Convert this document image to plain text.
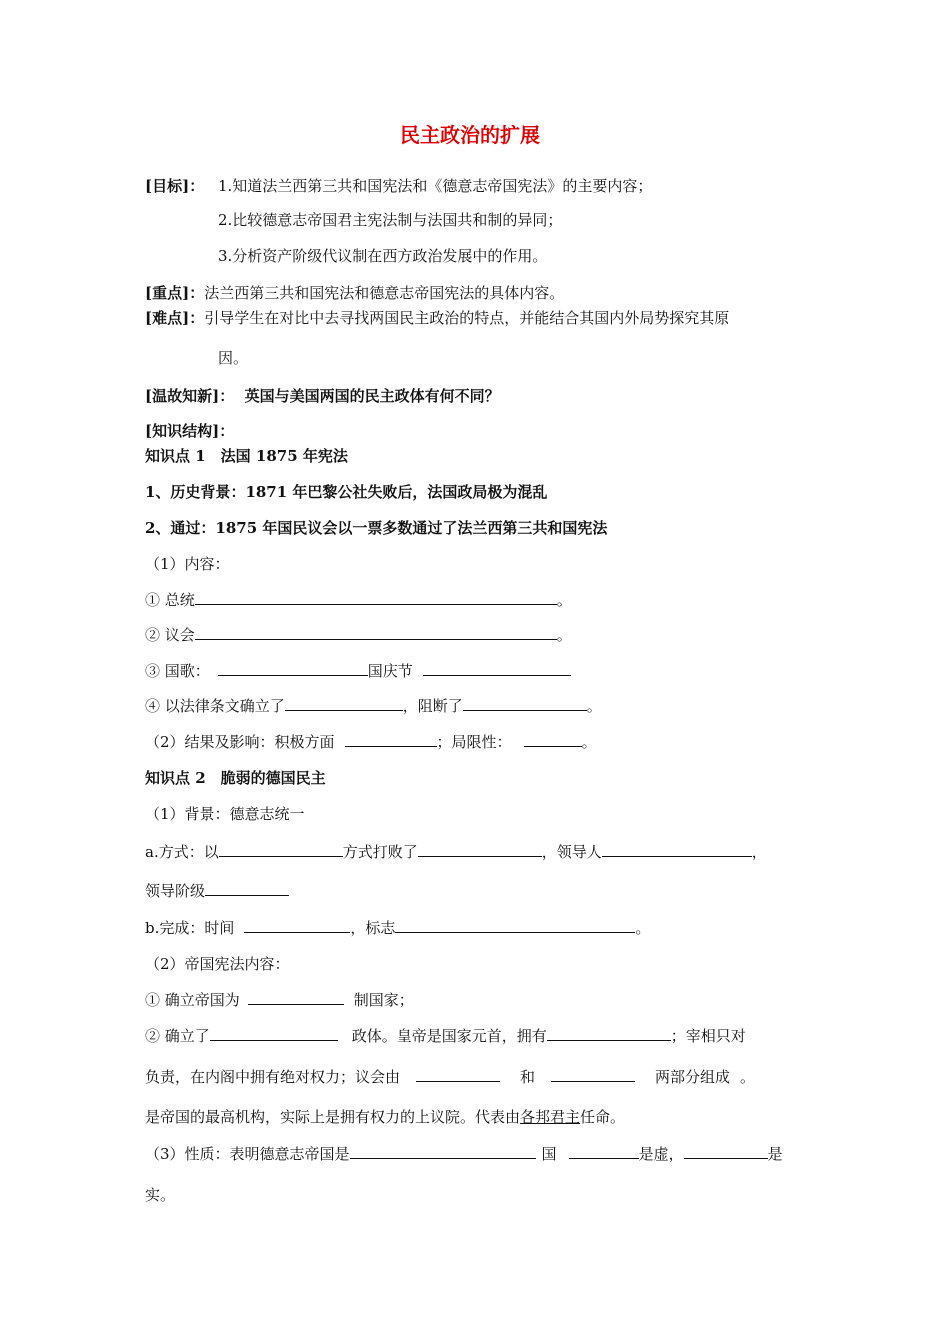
民主政治的扩展
[目标]： 1.知道法兰西第三共和国宪法和《德意志帝国宪法》的主要内容；
2.比较德意志帝国君主宪法制与法国共和制的异同；
3.分析资产阶级代议制在西方政治发展中的作用。
[重点]：法兰西第三共和国宪法和德意志帝国宪法的具体内容。
[难点]：引导学生在对比中去寻找两国民主政治的特点，并能结合其国内外局势探究其原
因。
[温故知新]： 英国与美国两国的民主政体有何不同？
[知识结构]：
知识点 1　法国 1875 年宪法
1、历史背景：1871 年巴黎公社失败后，法国政局极为混乱
2、通过：1875 年国民议会以一票多数通过了法兰西第三共和国宪法
（1）内容：
① 总统	。
② 议会	。
③ 国歌：	国庆节
④ 以法律条文确立了	，阻断了	。
（2）结果及影响：积极方面	；局限性：	。
知识点 2　脆弱的德国民主
（1）背景：德意志统一
a.方式：以	方式打败了	，领导人	，
领导阶级
b.完成：时间	，标志	。
（2）帝国宪法内容：
① 确立帝国为	制国家；
② 确立了	政体。皇帝是国家元首，拥有	；宰相只对
负责，在内阁中拥有绝对权力；议会由	和	两部分组成 。
是帝国的最高机构，实际上是拥有权力的上议院。代表由各邦君主任命。
（3）性质：表明德意志帝国是	国	是虚，	是
实。
